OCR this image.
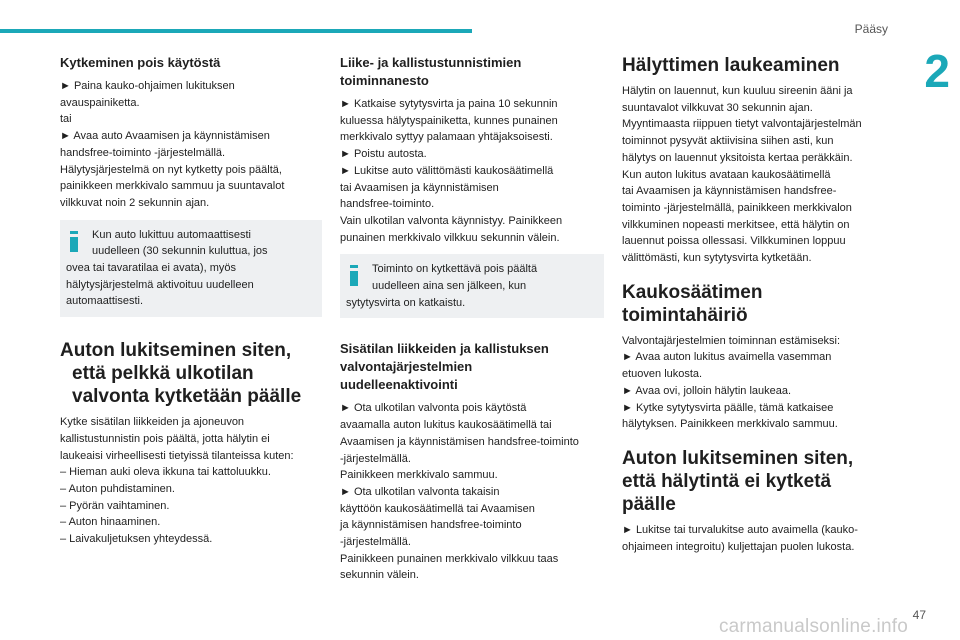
Pääsy
2
Kytkeminen pois käytöstä
► Paina kauko-ohjaimen lukituksen
avauspainiketta.
tai
► Avaa auto Avaamisen ja käynnistämisen
handsfree-toiminto -järjestelmällä.
Hälytysjärjestelmä on nyt kytketty pois päältä,
painikkeen merkkivalo sammuu ja suuntavalot
vilkkuvat noin 2 sekunnin ajan.
Kun auto lukittuu automaattisesti
uudelleen (30 sekunnin kuluttua, jos
ovea tai tavaratilaa ei avata), myös
hälytysjärjestelmä aktivoituu uudelleen
automaattisesti.
Auton lukitseminen siten,
että pelkkä ulkotilan
valvonta kytketään päälle
Kytke sisätilan liikkeiden ja ajoneuvon
kallistustunnistin pois päältä, jotta hälytin ei
laukeaisi virheellisesti tietyissä tilanteissa kuten:
– Hieman auki oleva ikkuna tai kattoluukku.
– Auton puhdistaminen.
– Pyörän vaihtaminen.
– Auton hinaaminen.
– Laivakuljetuksen yhteydessä.
Liike- ja kallistustunnistimien
toiminnanesto
► Katkaise sytytysvirta ja paina 10 sekunnin
kuluessa hälytyspainiketta, kunnes punainen
merkkivalo syttyy palamaan yhtäjaksoisesti.
► Poistu autosta.
► Lukitse auto välittömästi kaukosäätimellä
tai Avaamisen ja käynnistämisen
handsfree-toiminto.
Vain ulkotilan valvonta käynnistyy. Painikkeen
punainen merkkivalo vilkkuu sekunnin välein.
Toiminto on kytkettävä pois päältä
uudelleen aina sen jälkeen, kun
sytytysvirta on katkaistu.
Sisätilan liikkeiden ja kallistuksen
valvontajärjestelmien
uudelleenaktivointi
► Ota ulkotilan valvonta pois käytöstä
avaamalla auton lukitus kaukosäätimellä tai
Avaamisen ja käynnistämisen handsfree-toiminto
-järjestelmällä.
Painikkeen merkkivalo sammuu.
► Ota ulkotilan valvonta takaisin
käyttöön kaukosäätimellä tai Avaamisen
ja käynnistämisen handsfree-toiminto
-järjestelmällä.
Painikkeen punainen merkkivalo vilkkuu taas
sekunnin välein.
Hälyttimen laukeaminen
Hälytin on lauennut, kun kuuluu sireenin ääni ja
suuntavalot vilkkuvat 30 sekunnin ajan.
Myyntimaasta riippuen tietyt valvontajärjestelmän
toiminnot pysyvät aktiivisina siihen asti, kun
hälytys on lauennut yksitoista kertaa peräkkäin.
Kun auton lukitus avataan kaukosäätimellä
tai Avaamisen ja käynnistämisen handsfree-
toiminto -järjestelmällä, painikkeen merkkivalon
vilkkuminen nopeasti merkitsee, että hälytin on
lauennut poissa ollessasi. Vilkkuminen loppuu
välittömästi, kun sytytysvirta kytketään.
Kaukosäätimen
toimintahäiriö
Valvontajärjestelmien toiminnan estämiseksi:
► Avaa auton lukitus avaimella vasemman
etuoven lukosta.
► Avaa ovi, jolloin hälytin laukeaa.
► Kytke sytytysvirta päälle, tämä katkaisee
hälytyksen. Painikkeen merkkivalo sammuu.
Auton lukitseminen siten,
että hälytintä ei kytketä
päälle
► Lukitse tai turvalukitse auto avaimella (kauko-
ohjaimeen integroitu) kuljettajan puolen lukosta.
47
carmanualsonline.info
